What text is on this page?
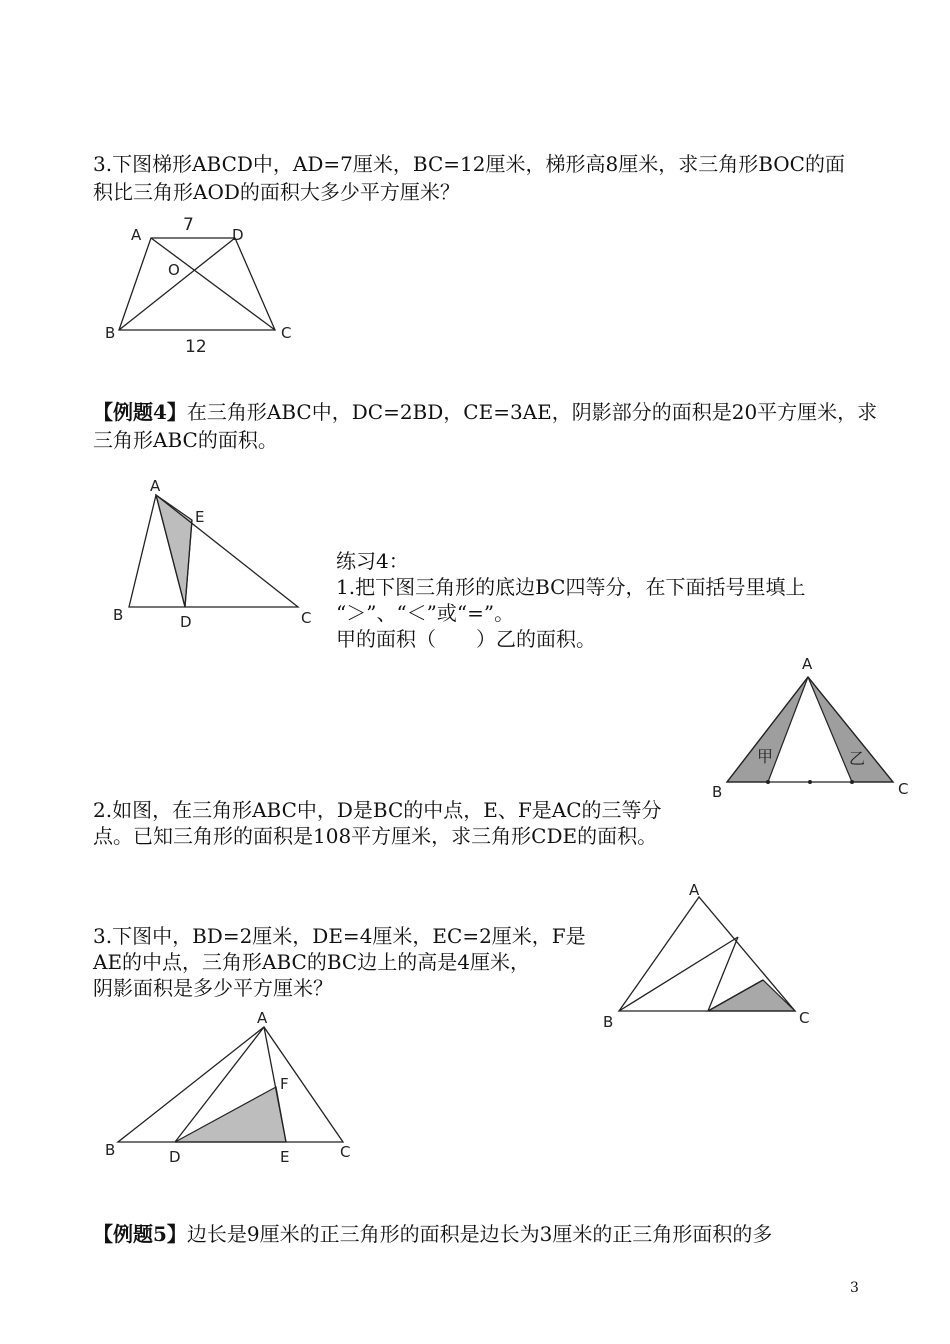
3.下图梯形ABCD中，AD=7厘米，BC=12厘米，梯形高8厘米，求三角形BOC的面
积比三角形AOD的面积大多少平方厘米？
A	D
O
B	C
7
12
【例题4】在三角形ABC中，DC=2BD，CE=3AE，阴影部分的面积是20平方厘米，求
三角形ABC的面积。
A
E
B	D	C
练习4：
1.把下图三角形的底边BC四等分，在下面括号里填上
“＞”、“＜”或“=”。
甲的面积（　　）乙的面积。
A
B	C
甲	乙
2.如图，在三角形ABC中，D是BC的中点，E、F是AC的三等分
点。已知三角形的面积是108平方厘米，求三角形CDE的面积。
A
B	C
3.下图中，BD=2厘米，DE=4厘米，EC=2厘米，F是
AE的中点，三角形ABC的BC边上的高是4厘米，
阴影面积是多少平方厘米？
A
F
B	D	E	C
【例题5】边长是9厘米的正三角形的面积是边长为3厘米的正三角形面积的多
3
